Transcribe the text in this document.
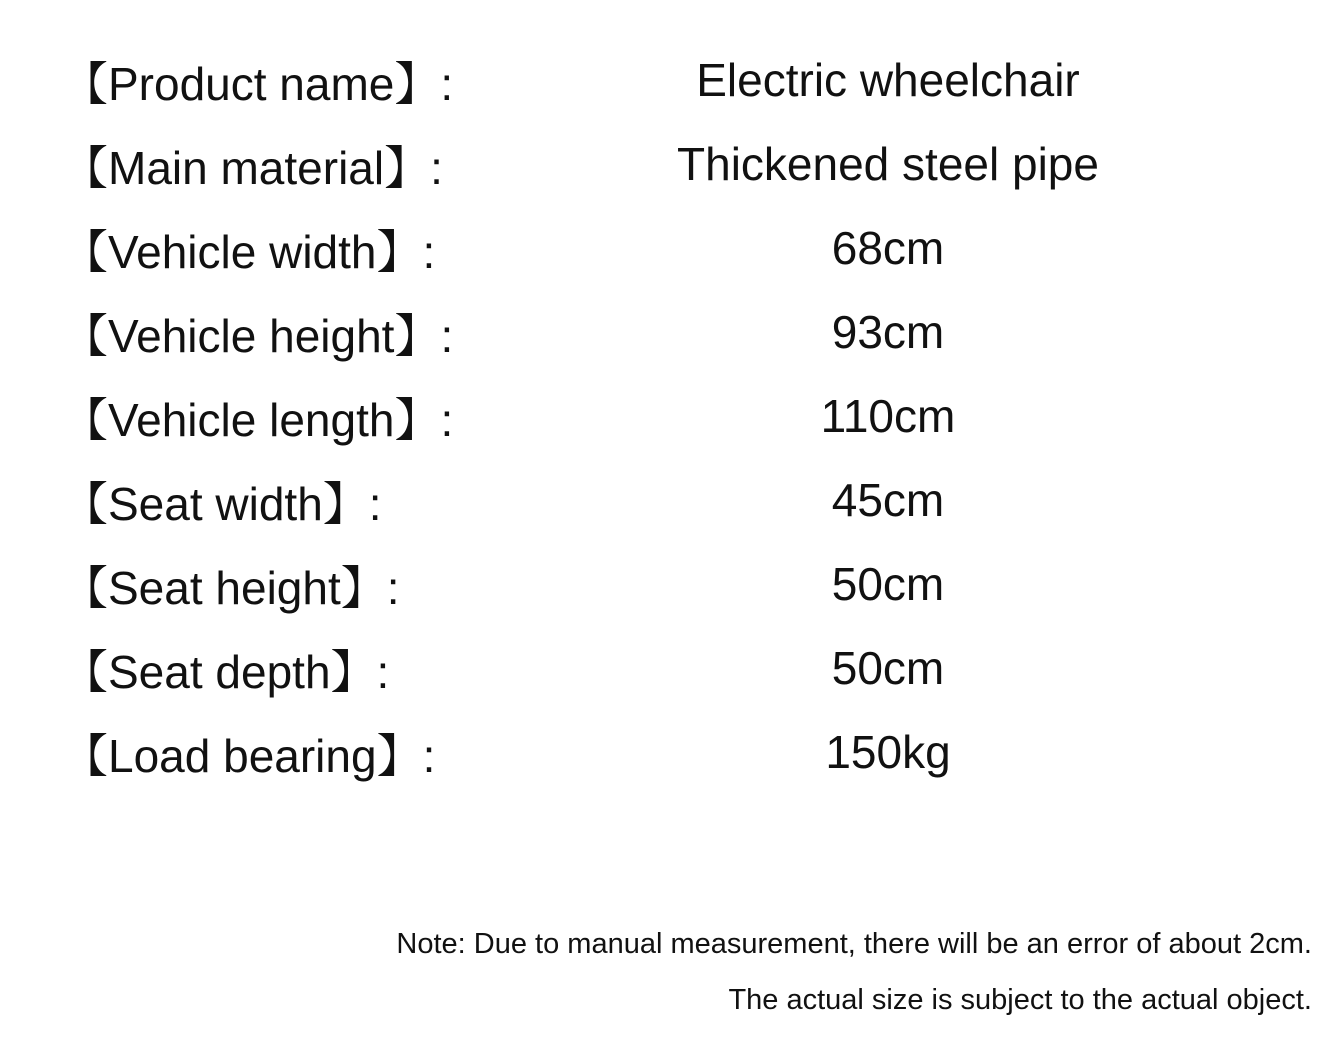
【Product name】:	Electric wheelchair
【Main material】:	Thickened steel pipe
【Vehicle width】:	68cm
【Vehicle height】:	93cm
【Vehicle length】:	110cm
【Seat width】:	45cm
【Seat height】:	50cm
【Seat depth】:	50cm
【Load bearing】:	150kg
Note: Due to manual measurement, there will be an error of about 2cm.
The actual size is subject to the actual object.
